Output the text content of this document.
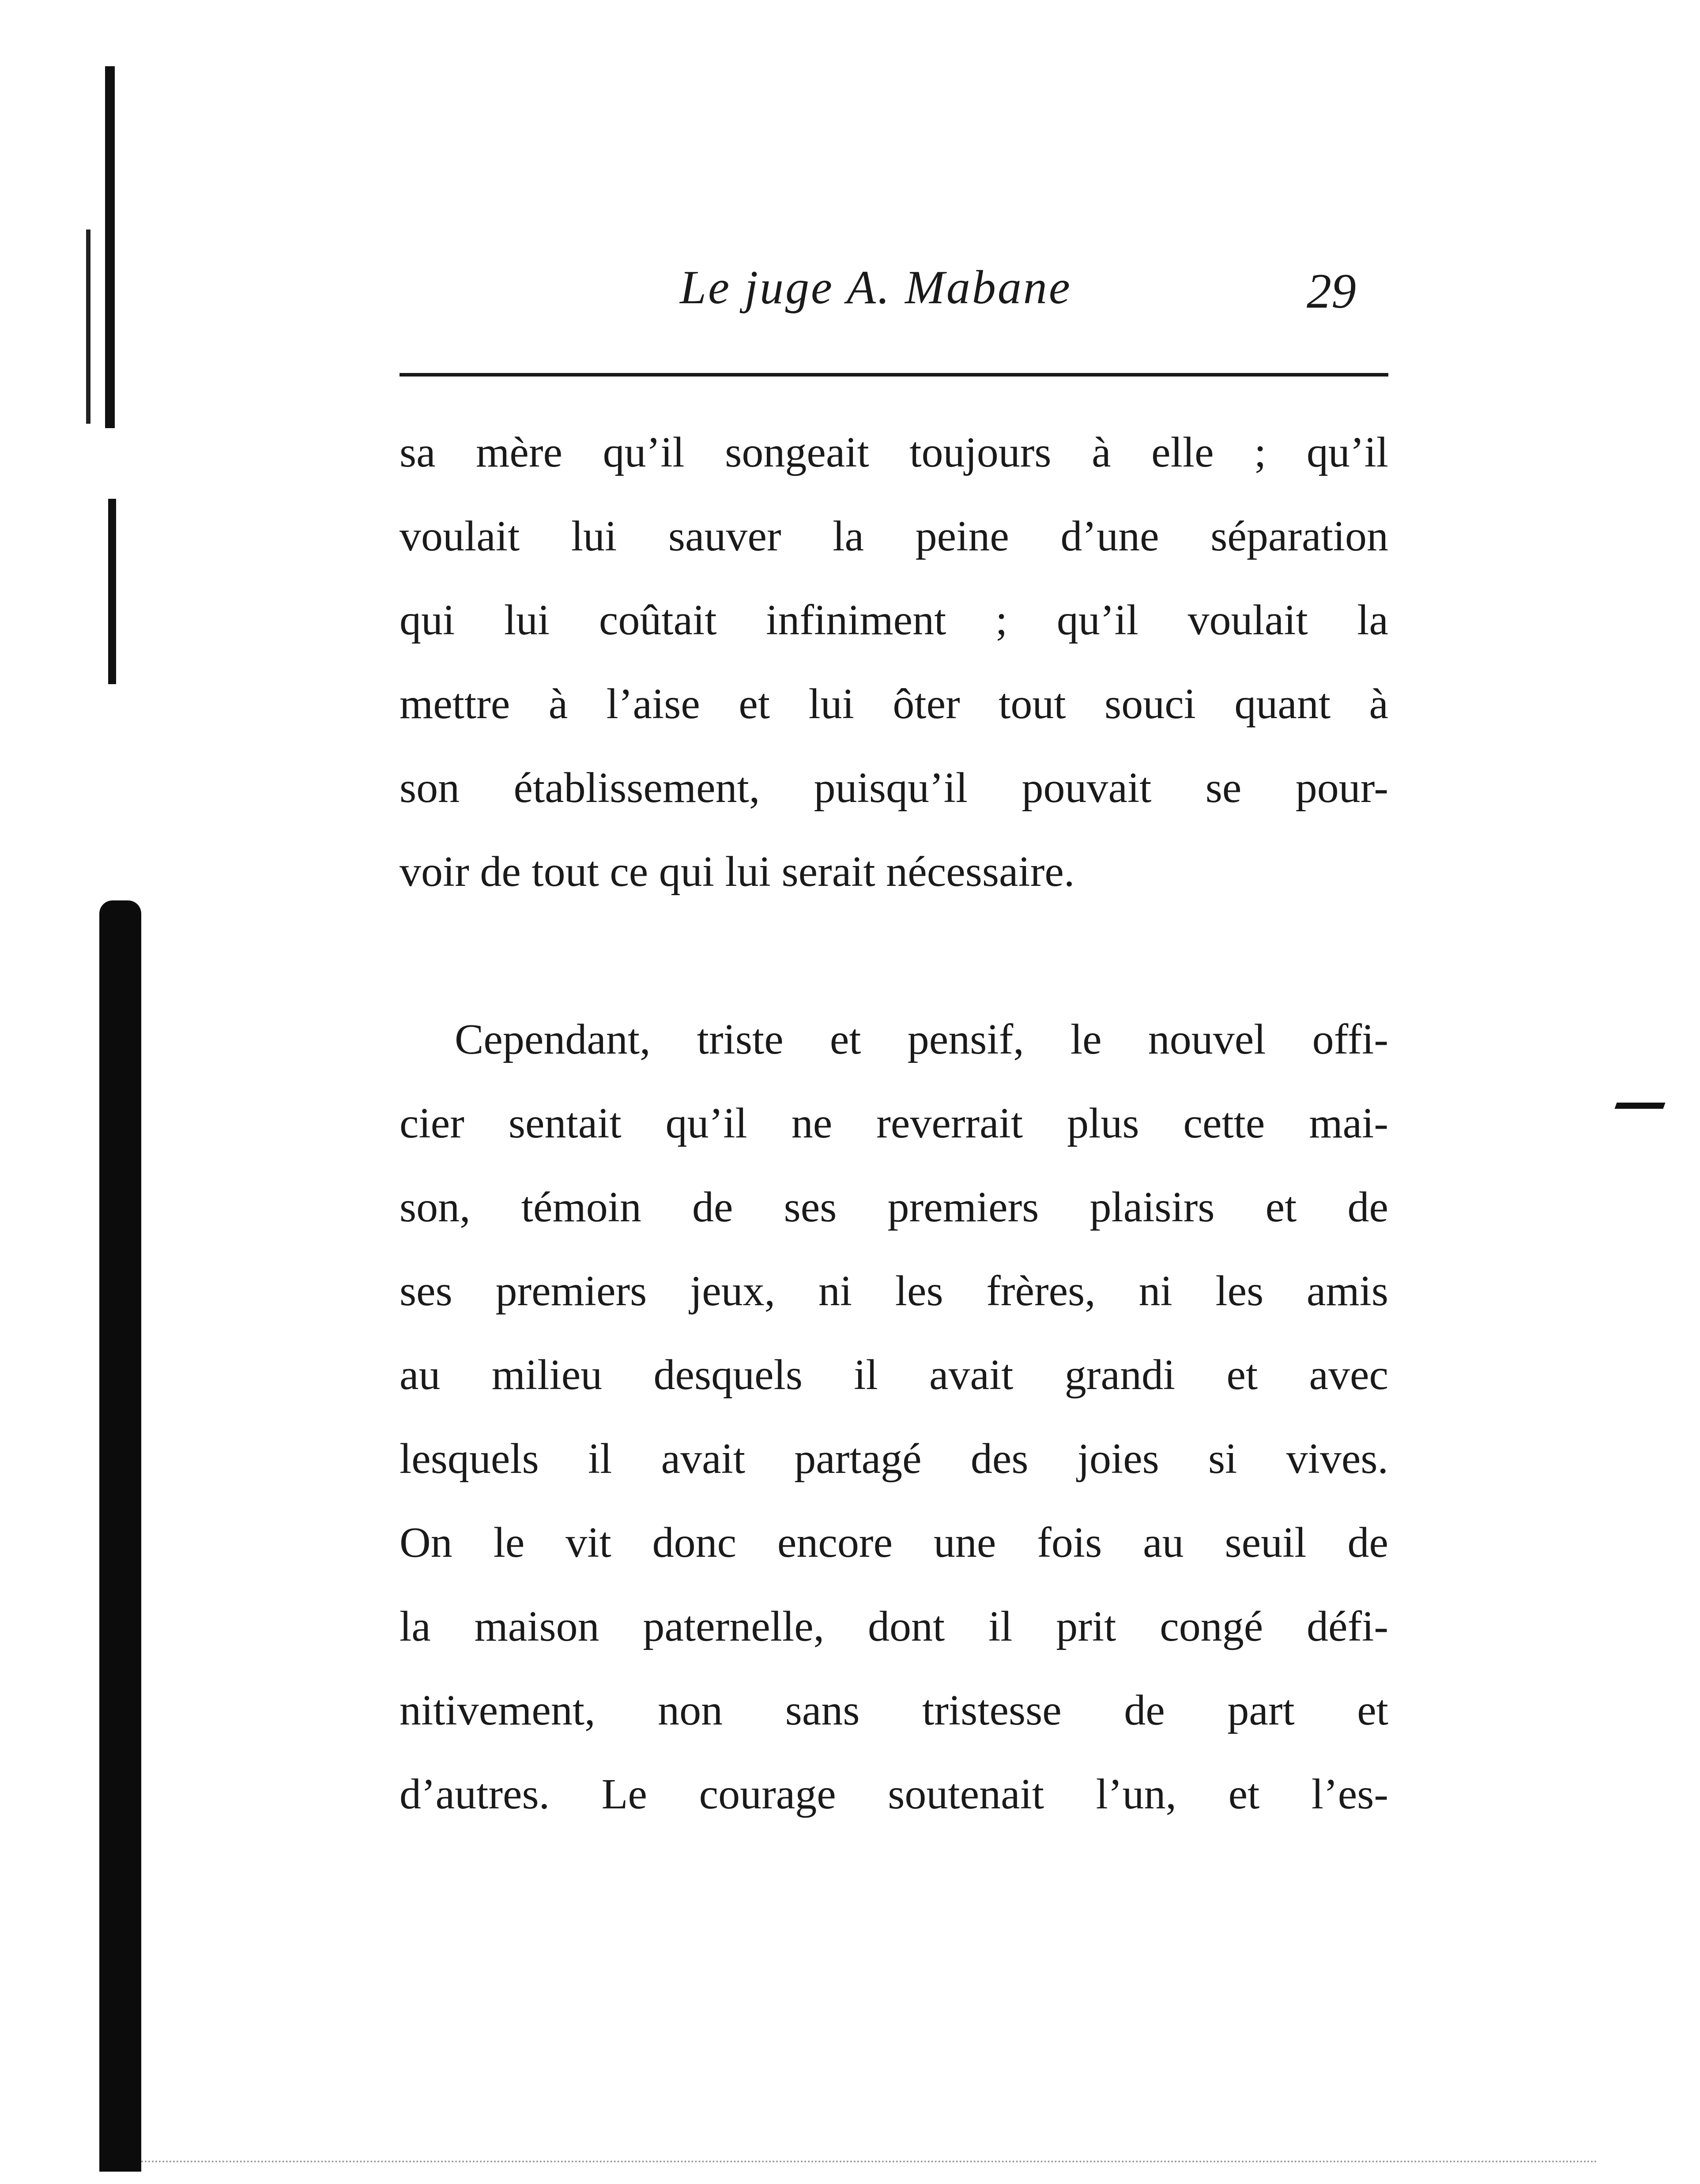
Le juge A. Mabane	29
sa mère qu’il songeait toujours à elle ; qu’il
voulait lui sauver la peine d’une séparation
qui lui coûtait infiniment ; qu’il voulait la
mettre à l’aise et lui ôter tout souci quant à
son établissement, puisqu’il pouvait se pour-
voir de tout ce qui lui serait nécessaire.
Cependant, triste et pensif, le nouvel offi-
cier sentait qu’il ne reverrait plus cette mai-
son, témoin de ses premiers plaisirs et de
ses premiers jeux, ni les frères, ni les amis
au milieu desquels il avait grandi et avec
lesquels il avait partagé des joies si vives.
On le vit donc encore une fois au seuil de
la maison paternelle, dont il prit congé défi-
nitivement, non sans tristesse de part et
d’autres. Le courage soutenait l’un, et l’es-
